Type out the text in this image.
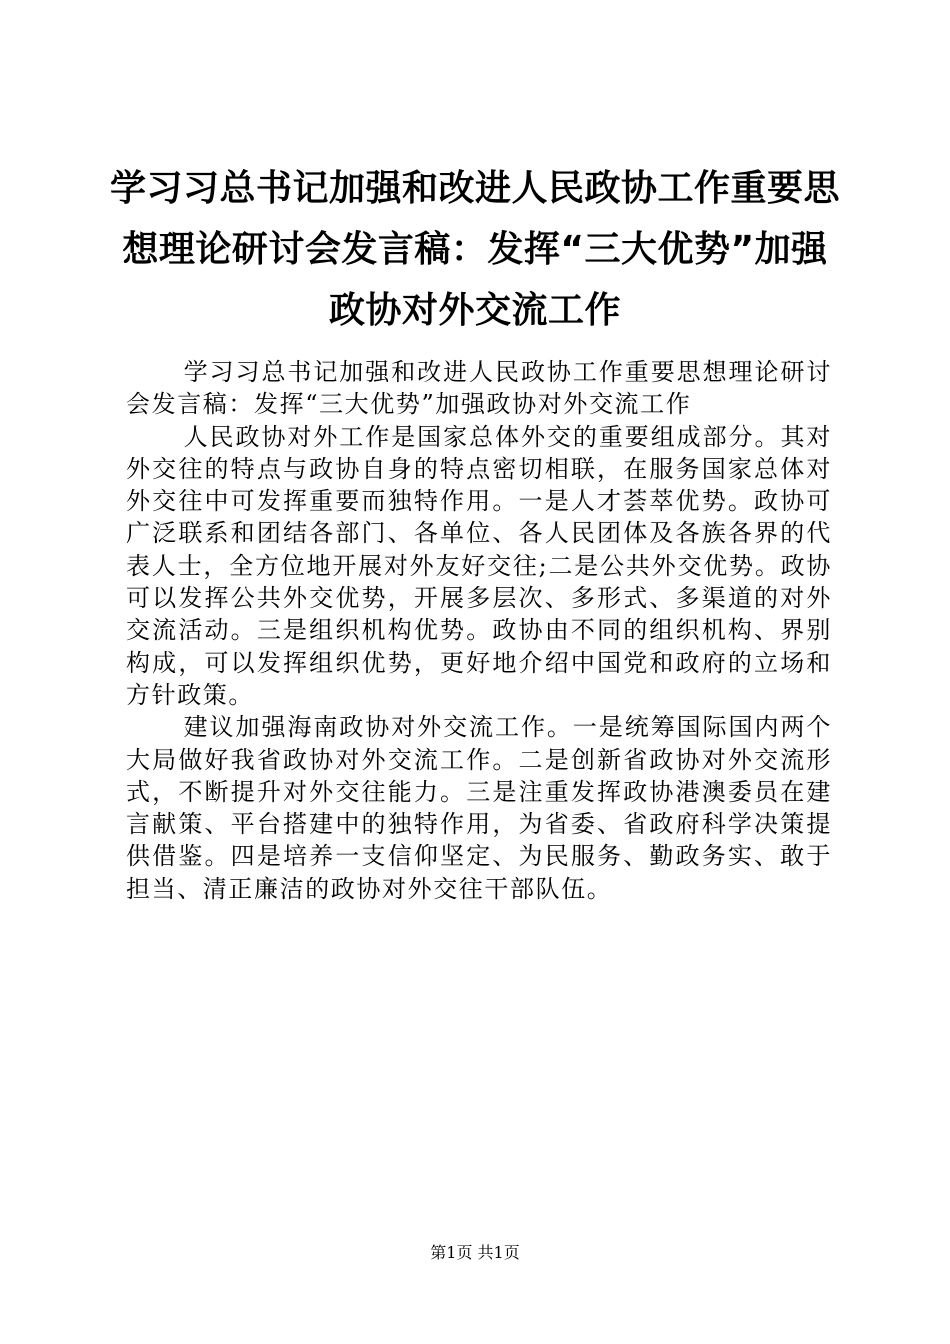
学习习总书记加强和改进人民政协工作重要思想理论研讨会发言稿：发挥“三大优势”加强政协对外交流工作

学习习总书记加强和改进人民政协工作重要思想理论研讨会发言稿：发挥“三大优势”加强政协对外交流工作

人民政协对外工作是国家总体外交的重要组成部分。其对外交往的特点与政协自身的特点密切相联，在服务国家总体对外交往中可发挥重要而独特作用。一是人才荟萃优势。政协可广泛联系和团结各部门、各单位、各人民团体及各族各界的代表人士，全方位地开展对外友好交往;二是公共外交优势。政协可以发挥公共外交优势，开展多层次、多形式、多渠道的对外交流活动。三是组织机构优势。政协由不同的组织机构、界别构成，可以发挥组织优势，更好地介绍中国党和政府的立场和方针政策。

建议加强海南政协对外交流工作。一是统筹国际国内两个大局做好我省政协对外交流工作。二是创新省政协对外交流形式，不断提升对外交往能力。三是注重发挥政协港澳委员在建言献策、平台搭建中的独特作用，为省委、省政府科学决策提供借鉴。四是培养一支信仰坚定、为民服务、勤政务实、敢于担当、清正廉洁的政协对外交往干部队伍。

第1页 共1页
